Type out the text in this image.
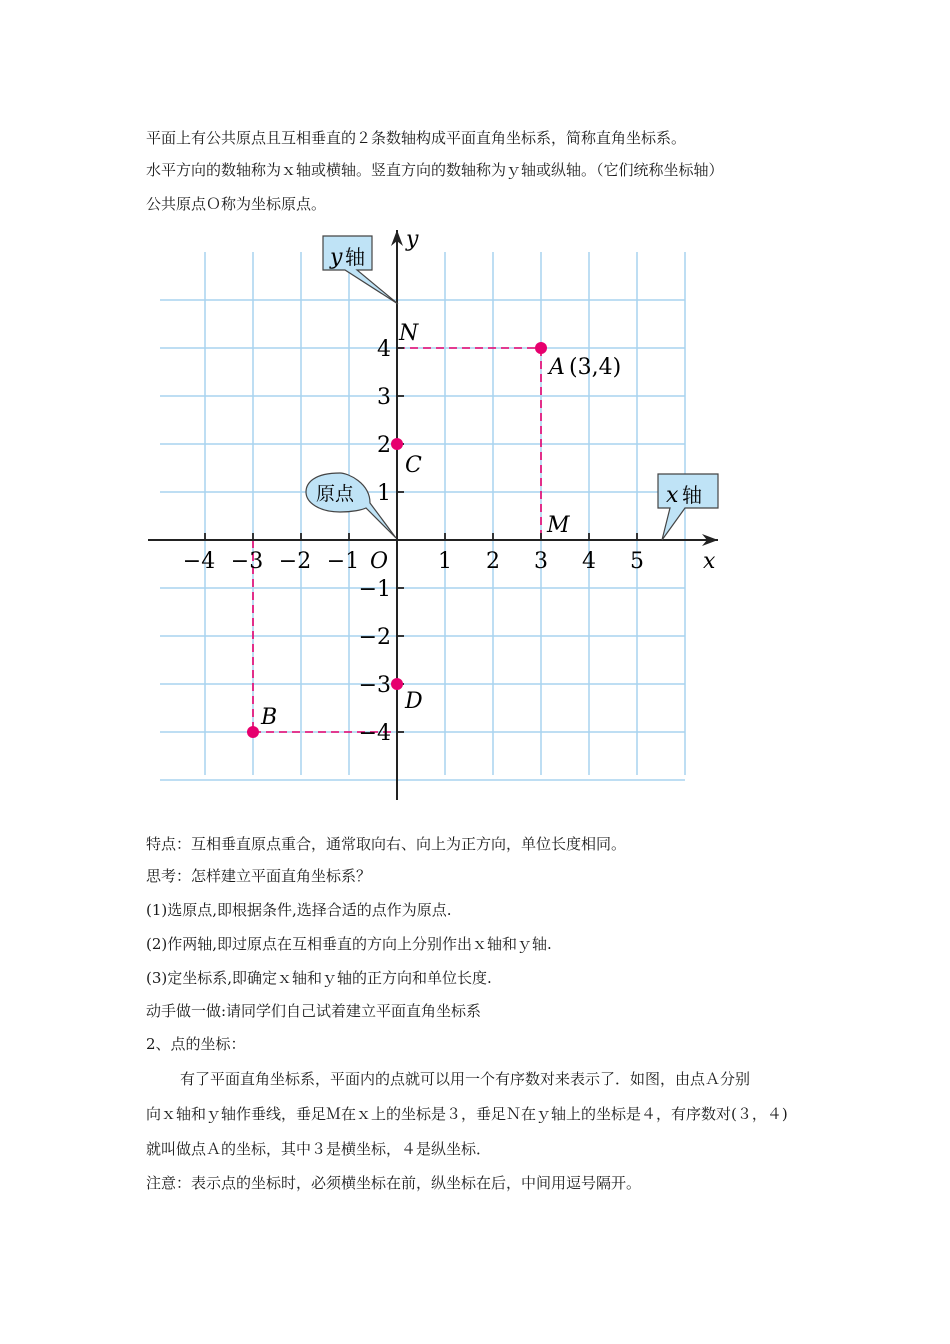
平面上有公共原点且互相垂直的２条数轴构成平面直角坐标系，简称直角坐标系。
水平方向的数轴称为ｘ轴或横轴。竖直方向的数轴称为ｙ轴或纵轴。（它们统称坐标轴）
公共原点Ｏ称为坐标原点。
x
y
O
−4 −3 −2 −1	1 2 3 4 5
4
3
2
1
−1
−2
−3
−4
A (3,4)
B
C
D
M
N
y 轴
x 轴
原点
特点：互相垂直原点重合，通常取向右、向上为正方向，单位长度相同。
思考：怎样建立平面直角坐标系？
(1)选原点,即根据条件,选择合适的点作为原点.
(2)作两轴,即过原点在互相垂直的方向上分别作出ｘ轴和ｙ轴.
(3)定坐标系,即确定ｘ轴和ｙ轴的正方向和单位长度.
动手做一做:请同学们自己试着建立平面直角坐标系
2、点的坐标：
有了平面直角坐标系，平面内的点就可以用一个有序数对来表示了．如图，由点Ａ分别
向ｘ轴和ｙ轴作垂线，垂足Ｍ在ｘ上的坐标是３，垂足Ｎ在ｙ轴上的坐标是４，有序数对(３，４)
就叫做点Ａ的坐标，其中３是横坐标，４是纵坐标．
注意：表示点的坐标时，必须横坐标在前，纵坐标在后，中间用逗号隔开。
